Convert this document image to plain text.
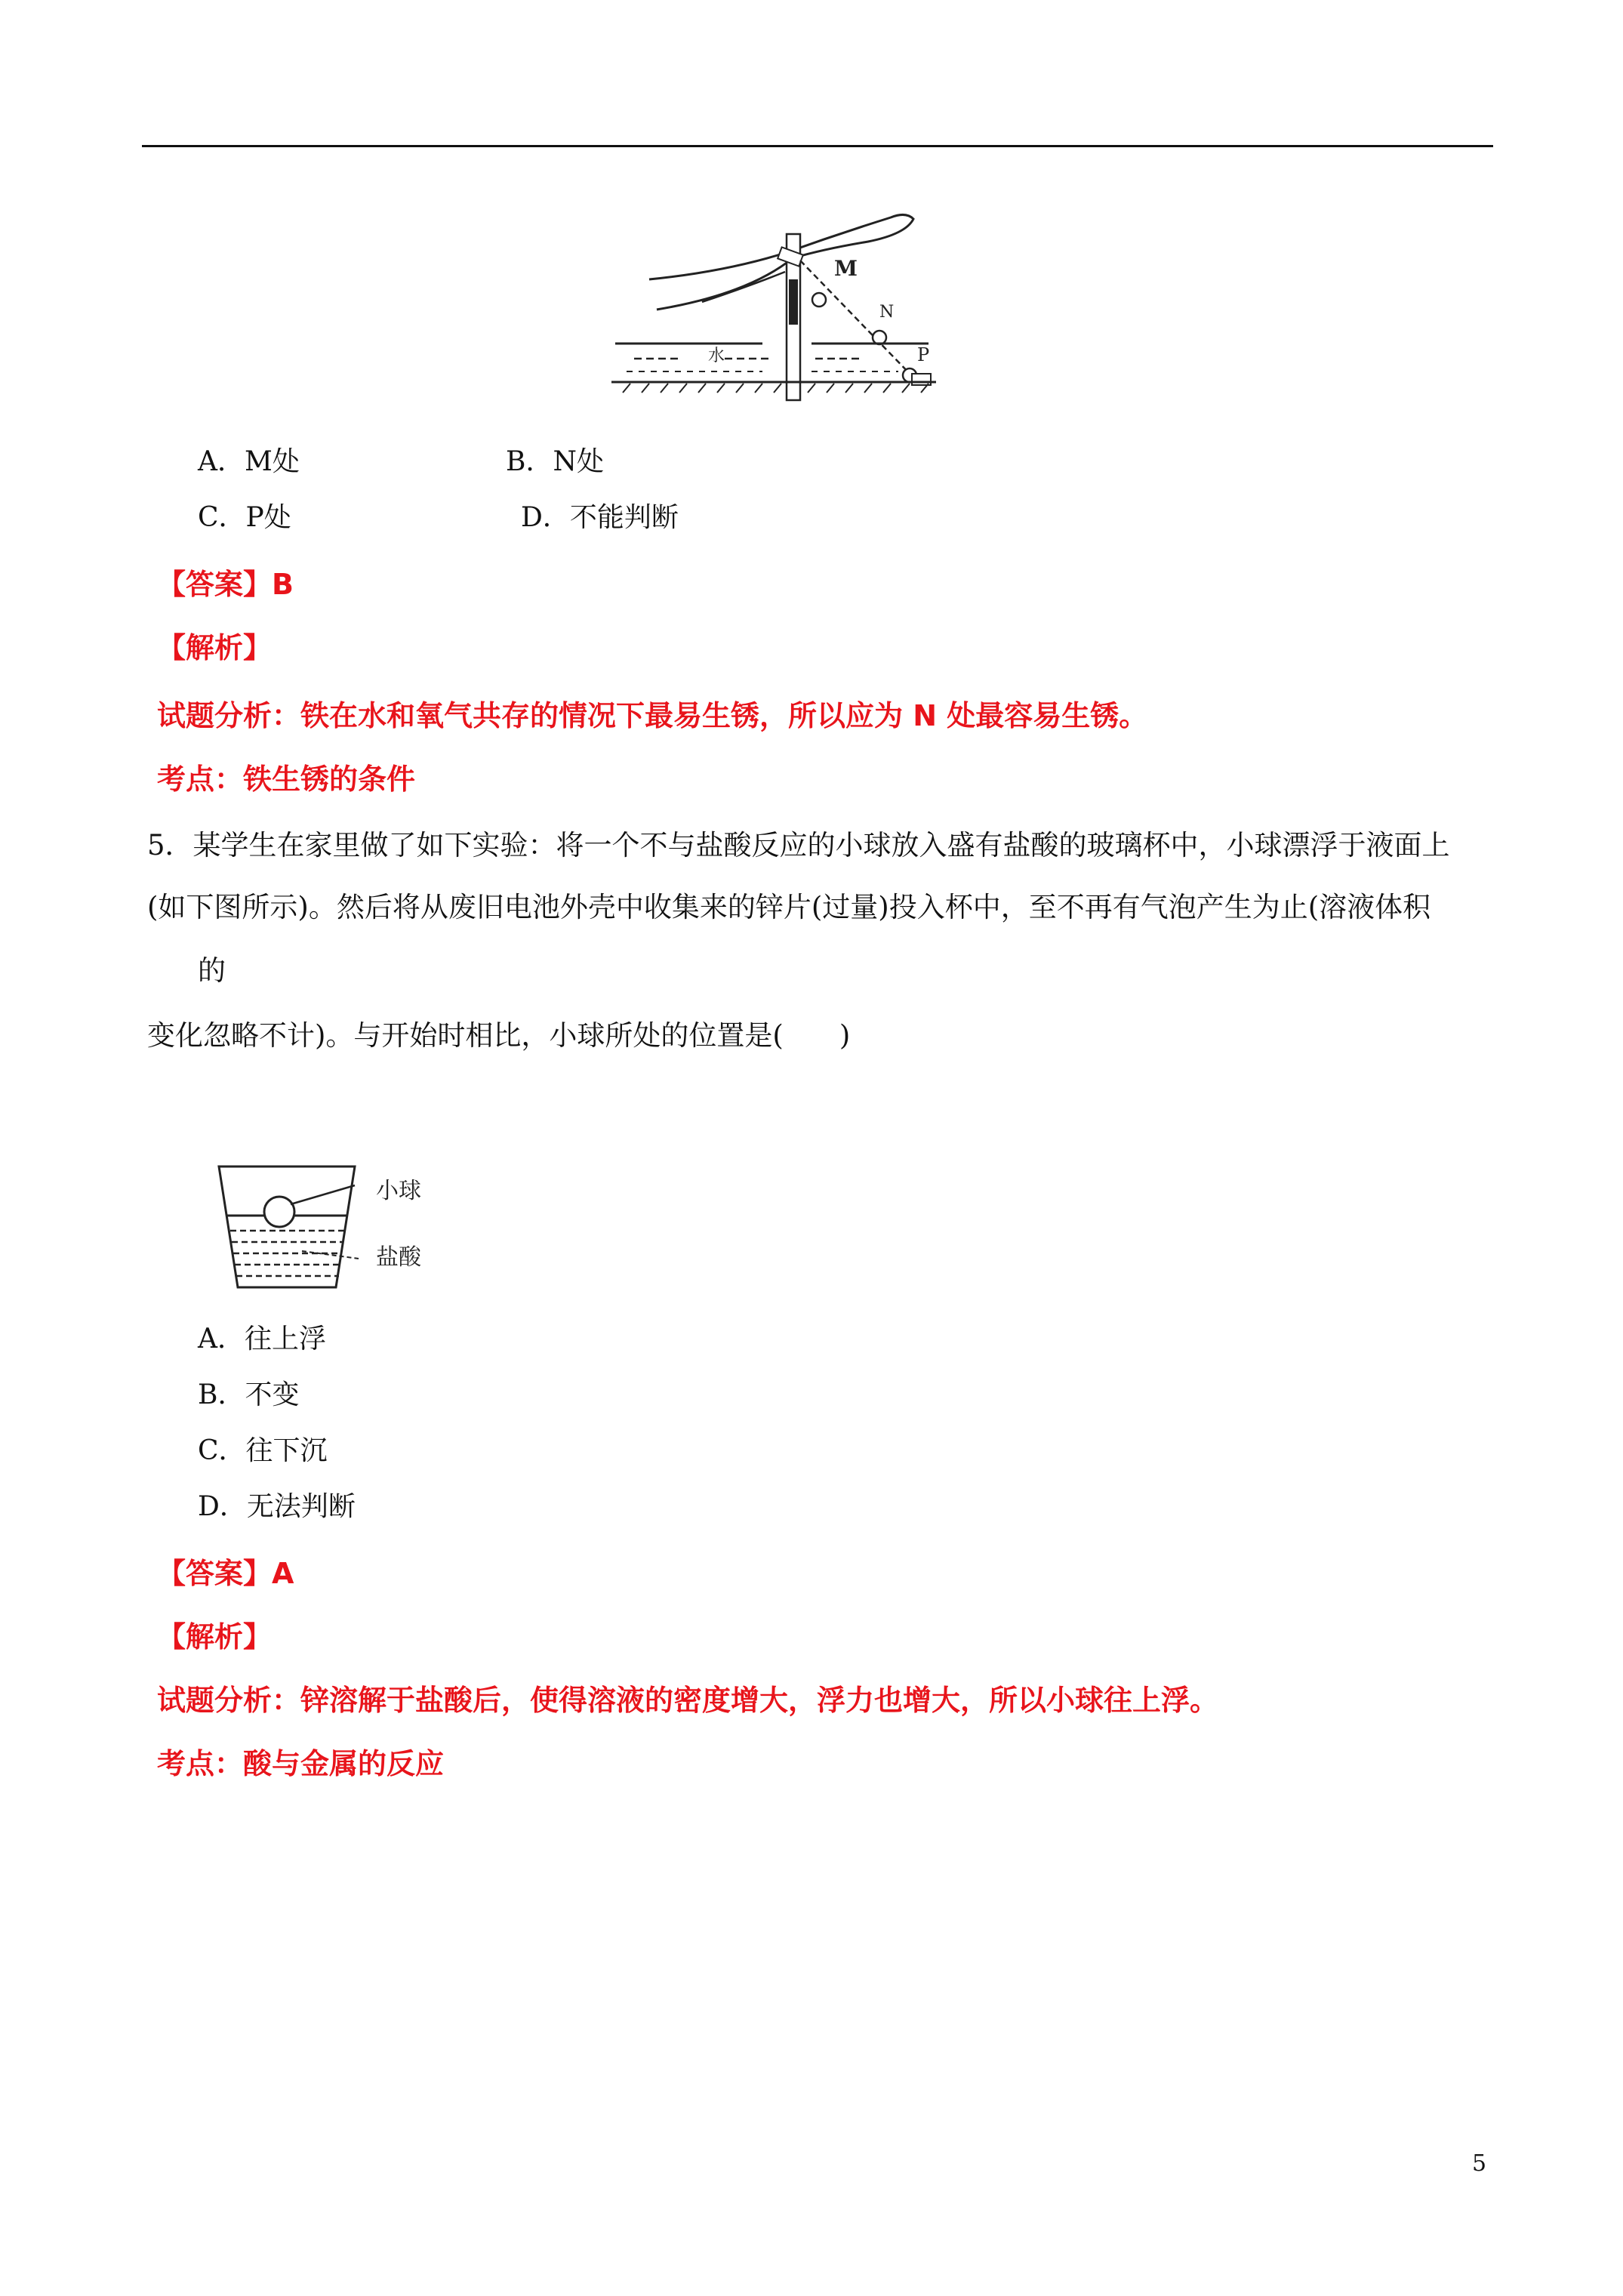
M
N
P
水
A．M处	B．N处
C．P处	D．不能判断
【答案】B
【解析】
试题分析：铁在水和氧气共存的情况下最易生锈，所以应为 N 处最容易生锈。
考点：铁生锈的条件
5．某学生在家里做了如下实验：将一个不与盐酸反应的小球放入盛有盐酸的玻璃杯中，小球漂浮于液面上
(如下图所示)。然后将从废旧电池外壳中收集来的锌片(过量)投入杯中，至不再有气泡产生为止(溶液体积
的
变化忽略不计)。与开始时相比，小球所处的位置是(　　)
小球
盐酸
A．往上浮
B．不变
C．往下沉
D．无法判断
【答案】A
【解析】
试题分析：锌溶解于盐酸后，使得溶液的密度增大，浮力也增大，所以小球往上浮。
考点：酸与金属的反应
5
